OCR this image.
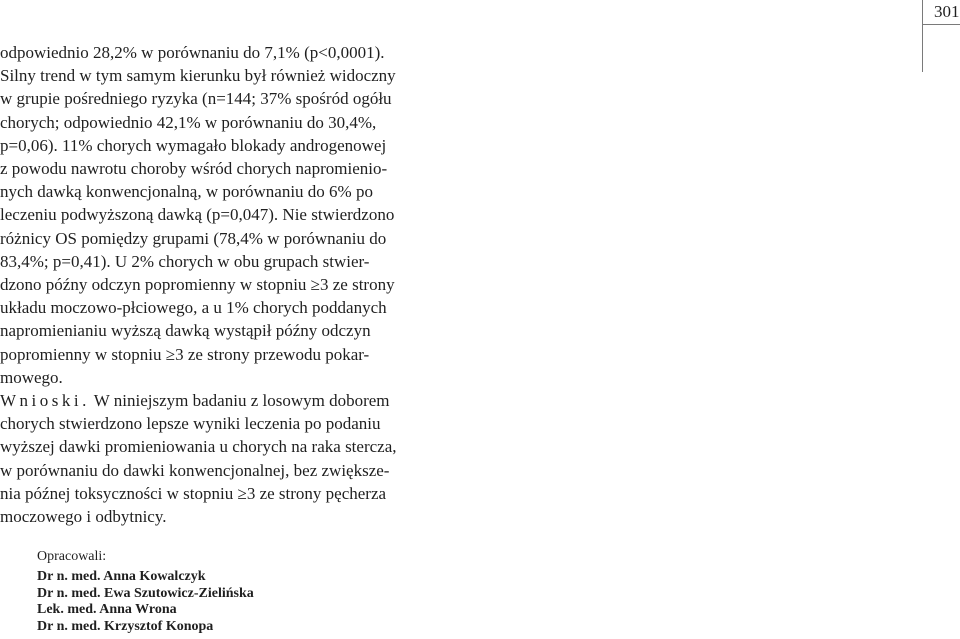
301
odpowiednio 28,2% w porównaniu do 7,1% (p<0,0001).
Silny trend w tym samym kierunku był również widoczny
w grupie pośredniego ryzyka (n=144; 37% spośród ogółu
chorych; odpowiednio 42,1% w porównaniu do 30,4%,
p=0,06). 11% chorych wymagało blokady androgenowej
z powodu nawrotu choroby wśród chorych napromienio-
nych dawką konwencjonalną, w porównaniu do 6% po
leczeniu podwyższoną dawką (p=0,047). Nie stwierdzono
różnicy OS pomiędzy grupami (78,4% w porównaniu do
83,4%; p=0,41). U 2% chorych w obu grupach stwier-
dzono późny odczyn popromienny w stopniu ≥3 ze strony
układu moczowo-płciowego, a u 1% chorych poddanych
napromienianiu wyższą dawką wystąpił późny odczyn
popromienny w stopniu ≥3 ze strony przewodu pokar-
mowego.
Wnioski. W niniejszym badaniu z losowym doborem
chorych stwierdzono lepsze wyniki leczenia po podaniu
wyższej dawki promieniowania u chorych na raka stercza,
w porównaniu do dawki konwencjonalnej, bez zwiększe-
nia późnej toksyczności w stopniu ≥3 ze strony pęcherza
moczowego i odbytnicy.
Opracowali:
Dr n. med. Anna Kowalczyk
Dr n. med. Ewa Szutowicz-Zielińska
Lek. med. Anna Wrona
Dr n. med. Krzysztof Konopa
